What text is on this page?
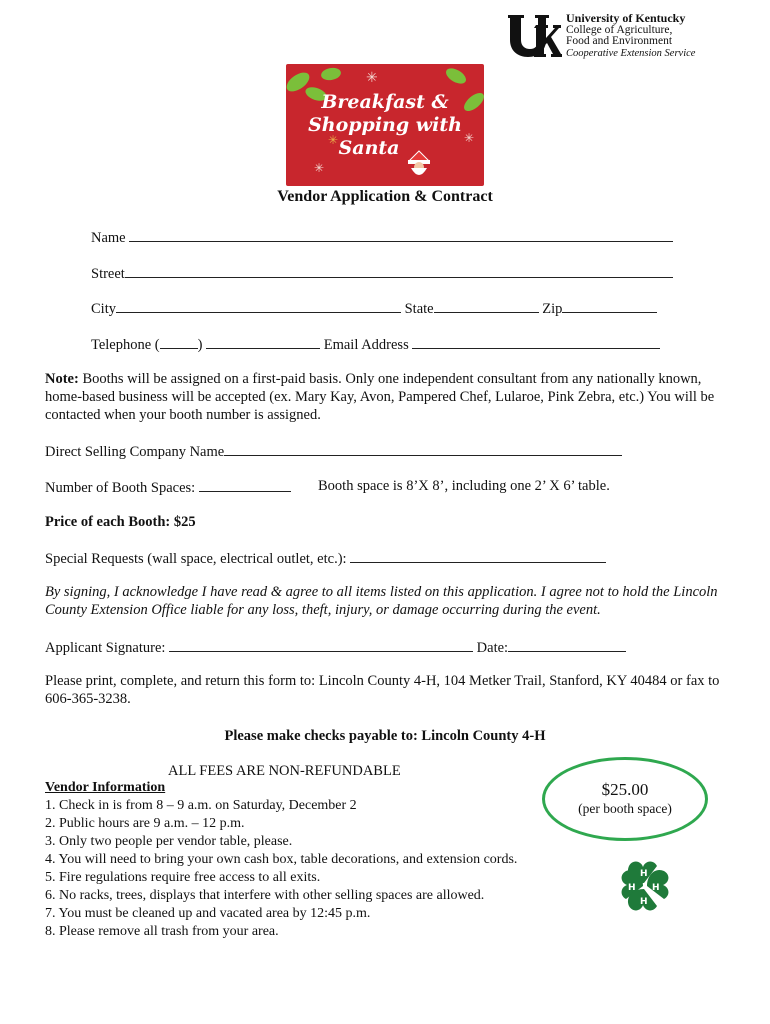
University of Kentucky
College of Agriculture,
Food and Environment
Cooperative Extension Service
✳
✳
✳
✳
Breakfast &
Shopping with
Santa
Vendor Application & Contract
Name
Street
City	State	Zip
Telephone (	)	Email Address
Note: Booths will be assigned on a first-paid basis. Only one independent consultant from any nationally known, home-based business will be accepted (ex. Mary Kay, Avon, Pampered Chef, Lularoe, Pink Zebra, etc.) You will be contacted when your booth number is assigned.
Direct Selling Company Name
Number of Booth Spaces:	Booth space is 8’X 8’, including one 2’ X 6’ table.
Price of each Booth: $25
Special Requests (wall space, electrical outlet, etc.):
By signing, I acknowledge I have read & agree to all items listed on this application. I agree not to hold the Lincoln County Extension Office liable for any loss, theft, injury, or damage occurring during the event.
Applicant Signature:	Date:
Please print, complete, and return this form to: Lincoln County 4-H, 104 Metker Trail, Stanford, KY 40484 or fax to 606-365-3238.
Please make checks payable to: Lincoln County 4-H
ALL FEES ARE NON-REFUNDABLE
Vendor Information
1. Check in is from 8 – 9 a.m. on Saturday, December 2
2. Public hours are 9 a.m. – 12 p.m.
3. Only two people per vendor table, please.
4. You will need to bring your own cash box, table decorations, and extension cords.
5. Fire regulations require free access to all exits.
6. No racks, trees, displays that interfere with other selling spaces are allowed.
7. You must be cleaned up and vacated area by 12:45 p.m.
8. Please remove all trash from your area.
$25.00
(per booth space)
H
H H
H
